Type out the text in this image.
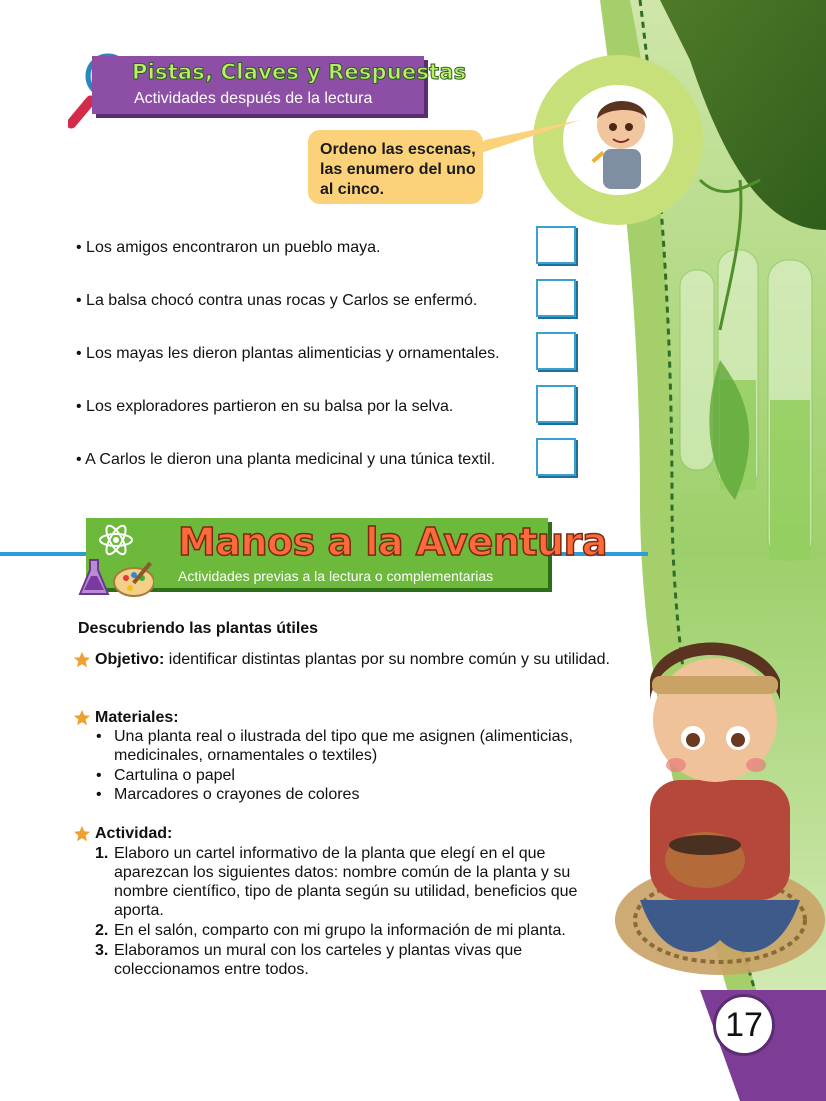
Pistas, Claves y Respuestas
Actividades después de la lectura
Ordeno las escenas,
las enumero del uno
al cinco.
• Los amigos encontraron un pueblo maya.
• La balsa chocó contra unas rocas y Carlos se enfermó.
• Los mayas les dieron plantas alimenticias y ornamentales.
• Los exploradores partieron en su balsa por la selva.
• A Carlos le dieron una planta medicinal y una túnica textil.
Manos a la Aventura
Actividades previas a la lectura o complementarias
Descubriendo las plantas útiles
Objetivo: identificar distintas plantas por su nombre común y su utilidad.
Materiales:
• Una planta real o ilustrada del tipo que me asignen (alimenticias, medicinales, ornamentales o textiles)
• Cartulina o papel
• Marcadores o crayones de colores
Actividad:
1. Elaboro un cartel informativo de la planta que elegí en el que aparezcan los siguientes datos: nombre común de la planta y su nombre científico, tipo de planta según su utilidad, beneficios que aporta.
2. En el salón, comparto con mi grupo la información de mi planta.
3. Elaboramos un mural con los carteles y plantas vivas que coleccionamos entre todos.
17
